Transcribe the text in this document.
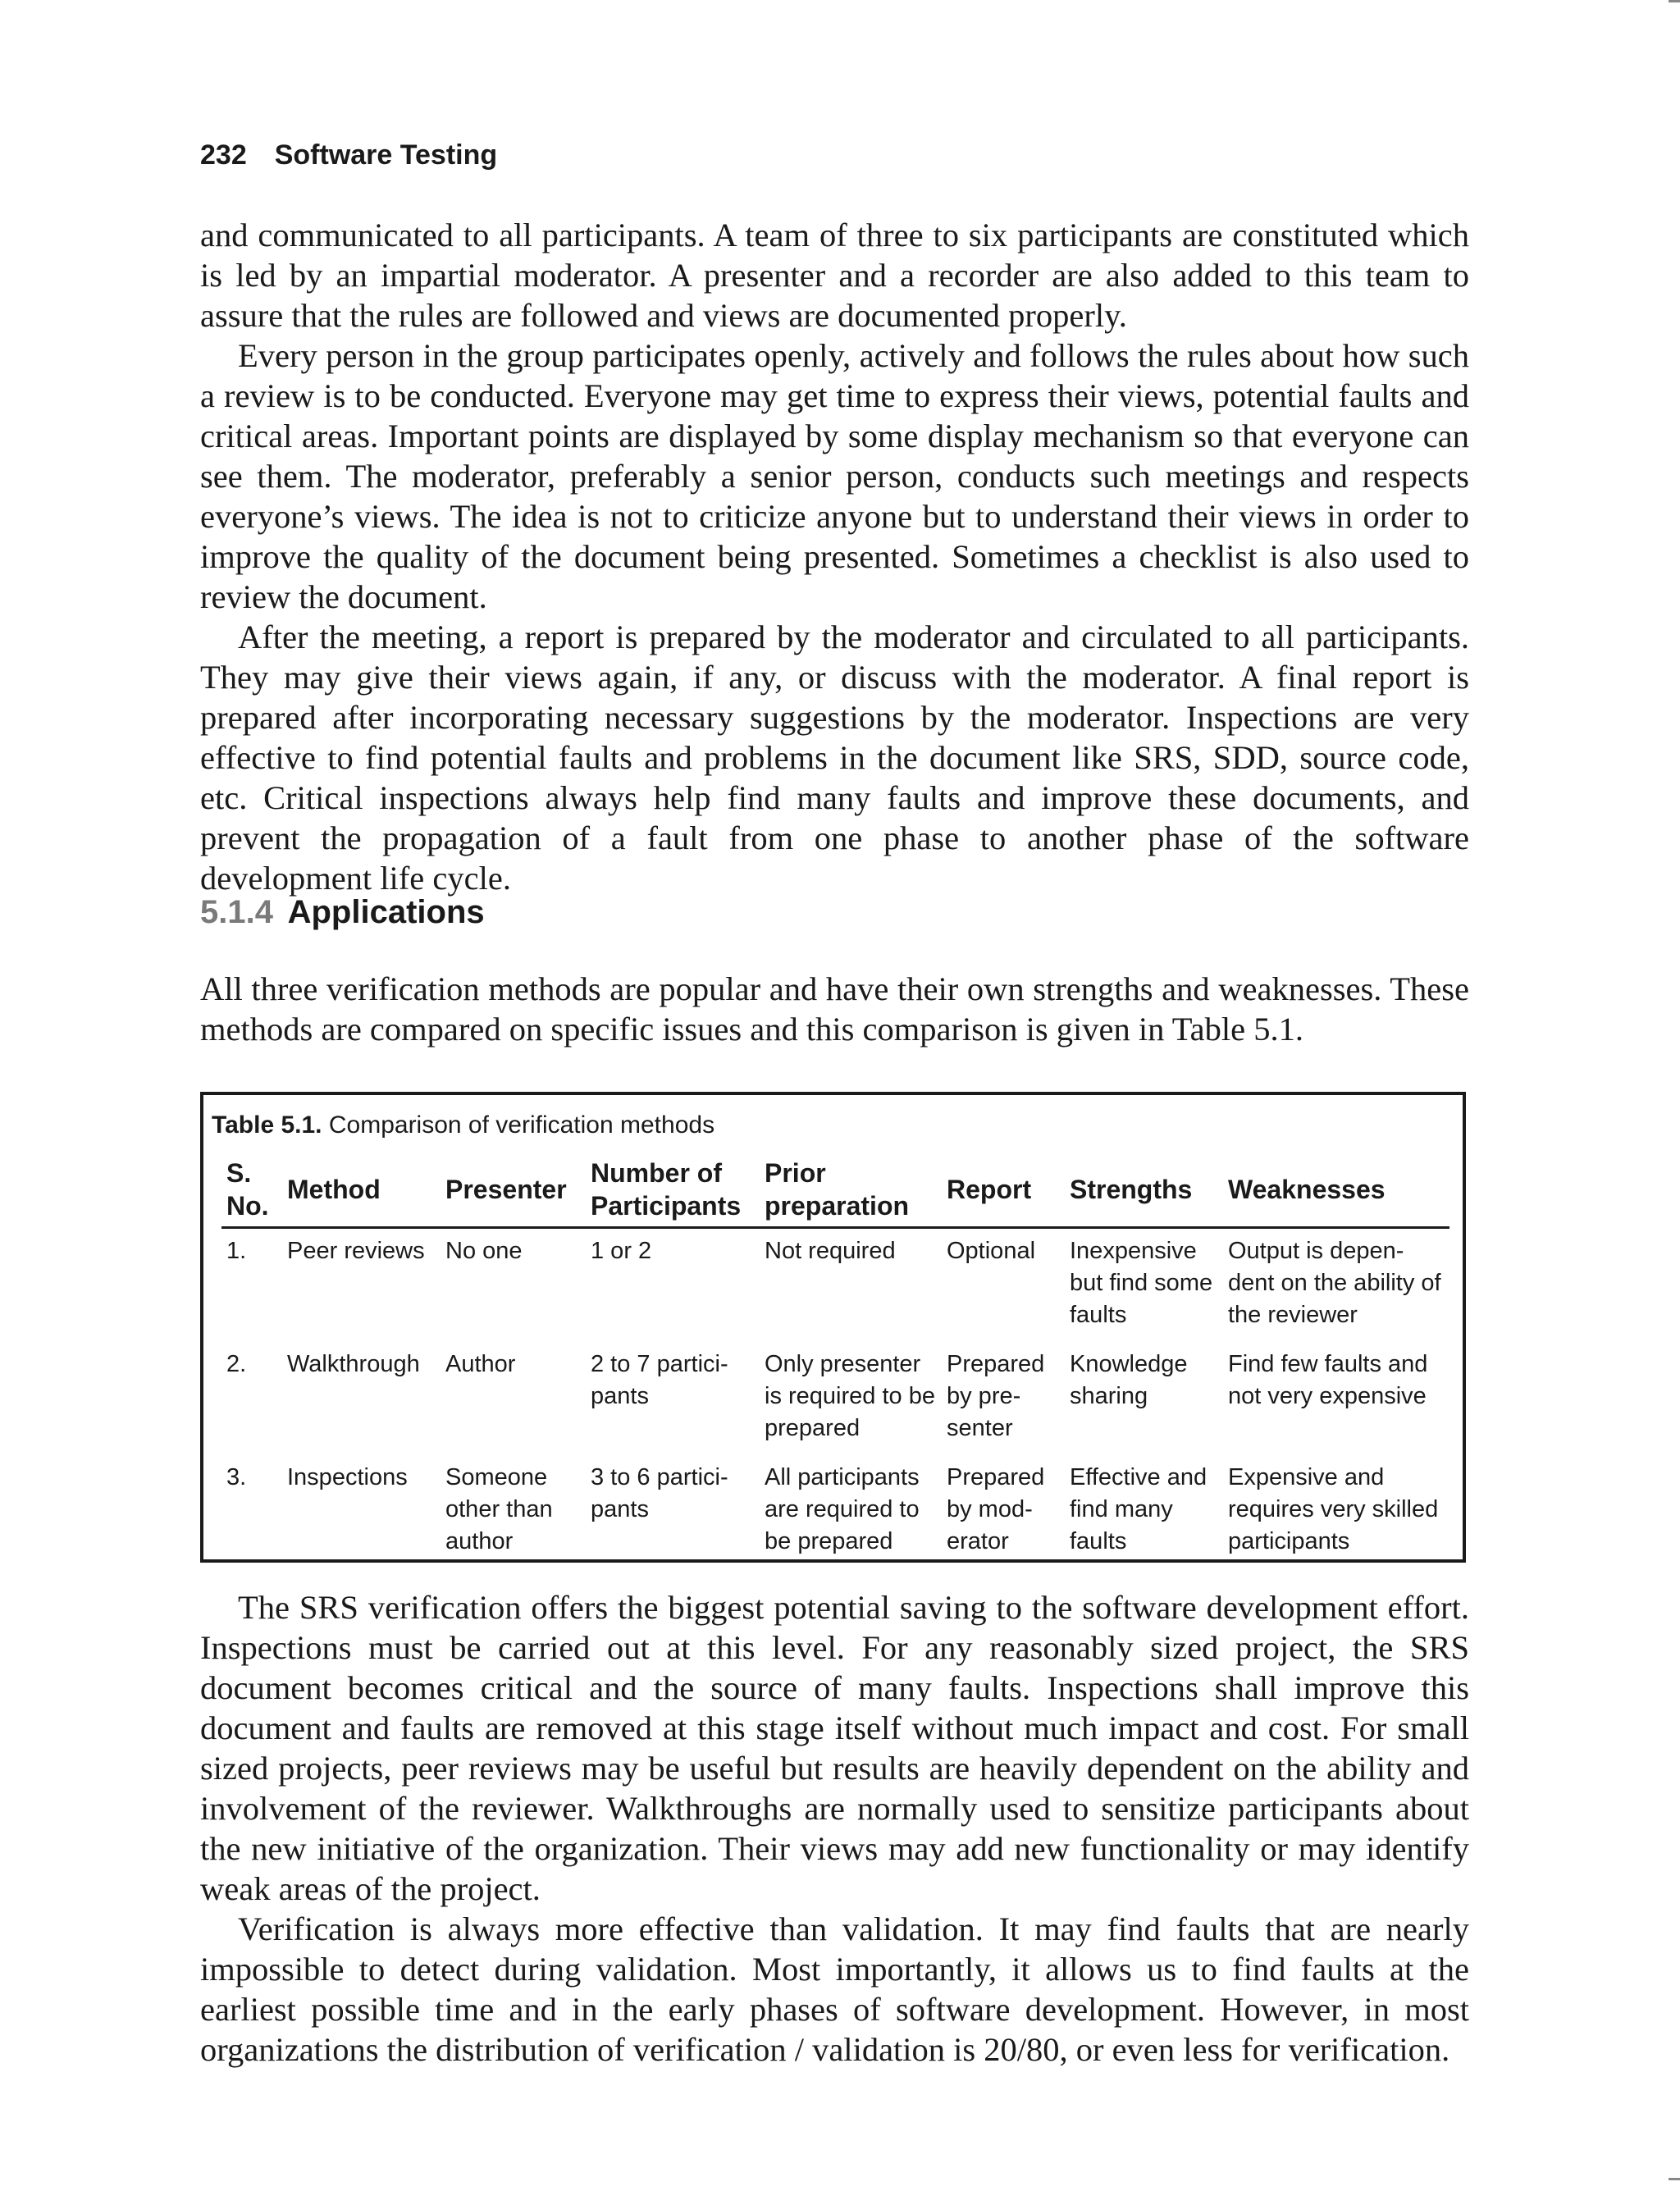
232 Software Testing

and communicated to all participants. A team of three to six participants are constituted which is led by an impartial moderator. A presenter and a recorder are also added to this team to assure that the rules are followed and views are documented properly.

Every person in the group participates openly, actively and follows the rules about how such a review is to be conducted. Everyone may get time to express their views, potential faults and critical areas. Important points are displayed by some display mechanism so that everyone can see them. The moderator, preferably a senior person, conducts such meetings and respects everyone’s views. The idea is not to criticize anyone but to understand their views in order to improve the quality of the document being presented. Sometimes a checklist is also used to review the document.

After the meeting, a report is prepared by the moderator and circulated to all participants. They may give their views again, if any, or discuss with the moderator. A final report is prepared after incorporating necessary suggestions by the moderator. Inspections are very effective to find potential faults and problems in the document like SRS, SDD, source code, etc. Critical inspections always help find many faults and improve these documents, and prevent the propagation of a fault from one phase to another phase of the software development life cycle.

5.1.4 Applications

All three verification methods are popular and have their own strengths and weaknesses. These methods are compared on specific issues and this comparison is given in Table 5.1.

Table 5.1. Comparison of verification methods
S. No.	Method	Presenter	Number of Participants	Prior preparation	Report	Strengths	Weaknesses
1.	Peer reviews	No one	1 or 2	Not required	Optional	Inexpensive but find some faults	Output is depen-dent on the ability of the reviewer
2.	Walkthrough	Author	2 to 7 partici-pants	Only presenter is required to be prepared	Prepared by pre-senter	Knowledge sharing	Find few faults and not very expensive
3.	Inspections	Someone other than author	3 to 6 partici-pants	All participants are required to be prepared	Prepared by mod-erator	Effective and find many faults	Expensive and requires very skilled participants

The SRS verification offers the biggest potential saving to the software development effort. Inspections must be carried out at this level. For any reasonably sized project, the SRS document becomes critical and the source of many faults. Inspections shall improve this document and faults are removed at this stage itself without much impact and cost. For small sized projects, peer reviews may be useful but results are heavily dependent on the ability and involvement of the reviewer. Walkthroughs are normally used to sensitize participants about the new initiative of the organization. Their views may add new functionality or may identify weak areas of the project.

Verification is always more effective than validation. It may find faults that are nearly impossible to detect during validation. Most importantly, it allows us to find faults at the earliest possible time and in the early phases of software development. However, in most organizations the distribution of verification / validation is 20/80, or even less for verification.
